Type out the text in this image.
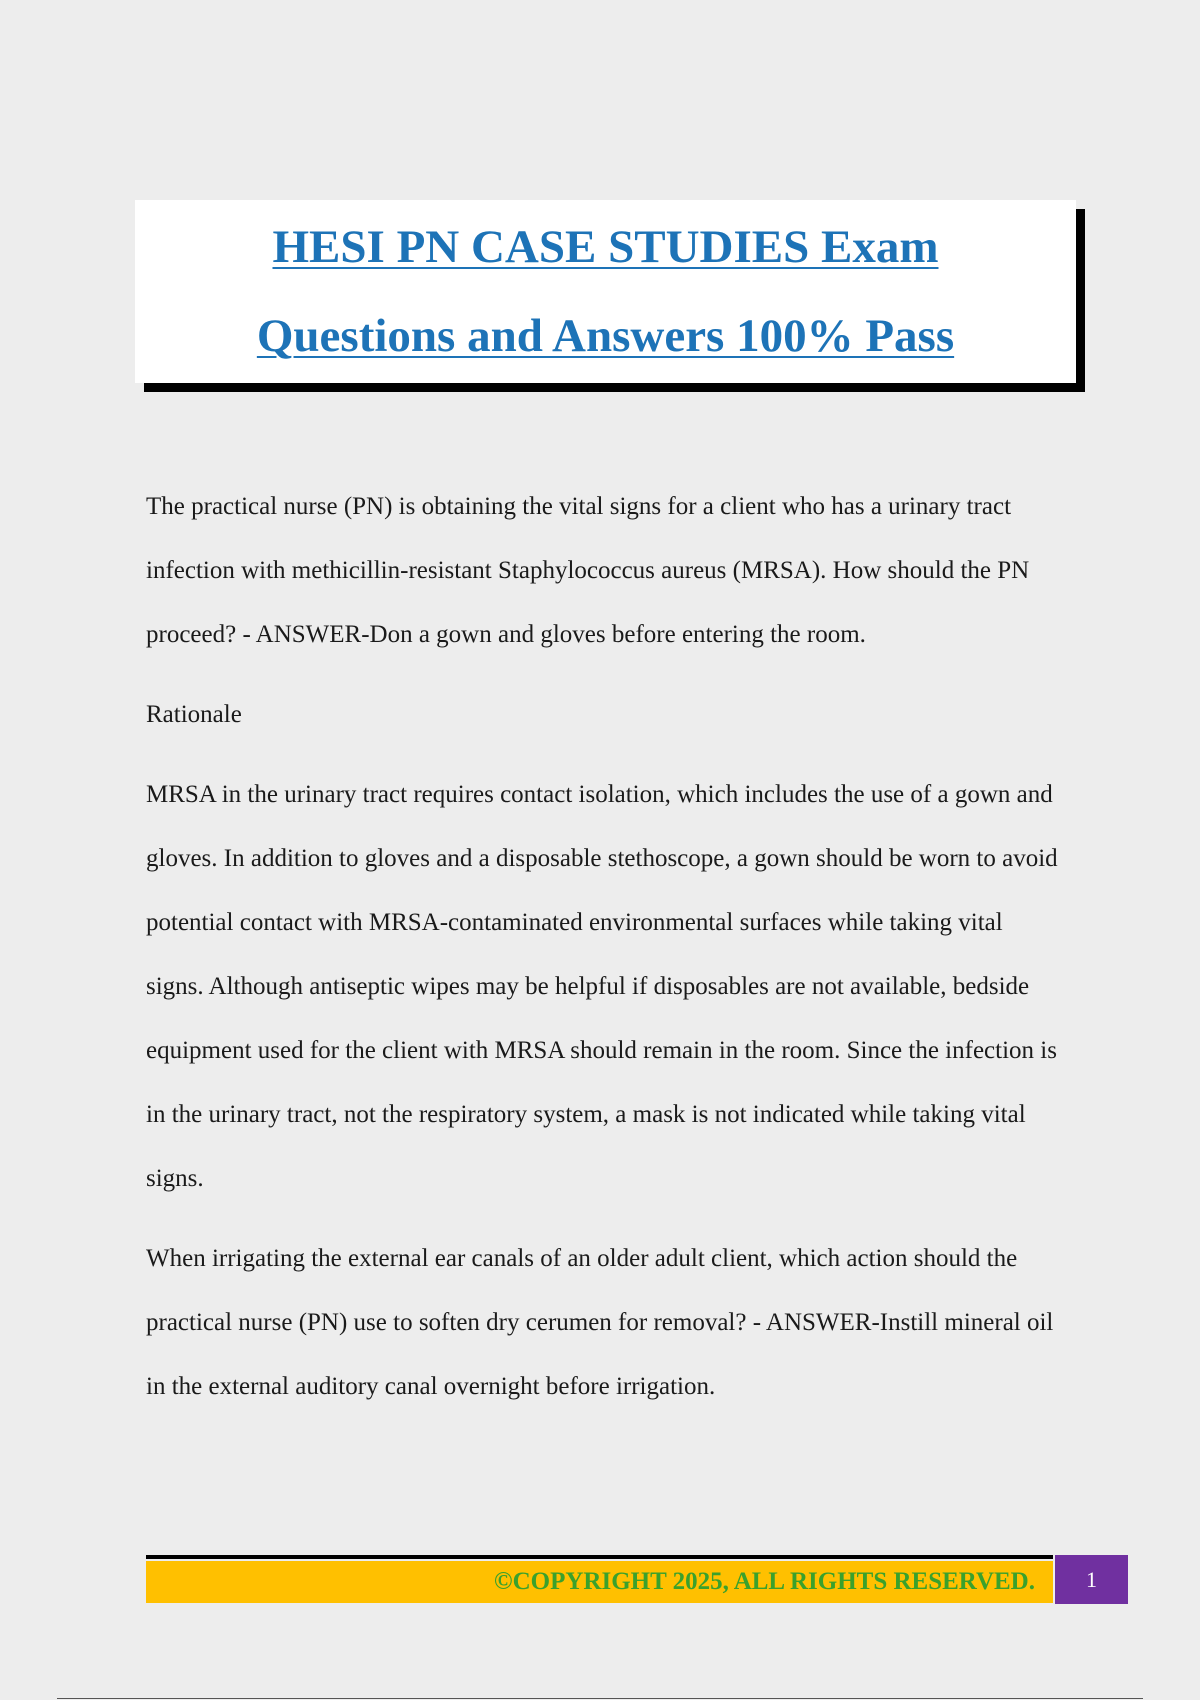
HESI PN CASE STUDIES Exam
Questions and Answers 100% Pass

The practical nurse (PN) is obtaining the vital signs for a client who has a urinary tract infection with methicillin-resistant Staphylococcus aureus (MRSA). How should the PN proceed? - ANSWER-Don a gown and gloves before entering the room.

Rationale

MRSA in the urinary tract requires contact isolation, which includes the use of a gown and gloves. In addition to gloves and a disposable stethoscope, a gown should be worn to avoid potential contact with MRSA-contaminated environmental surfaces while taking vital signs. Although antiseptic wipes may be helpful if disposables are not available, bedside equipment used for the client with MRSA should remain in the room. Since the infection is in the urinary tract, not the respiratory system, a mask is not indicated while taking vital signs.

When irrigating the external ear canals of an older adult client, which action should the practical nurse (PN) use to soften dry cerumen for removal? - ANSWER-Instill mineral oil in the external auditory canal overnight before irrigation.

©COPYRIGHT 2025, ALL RIGHTS RESERVED. 1
